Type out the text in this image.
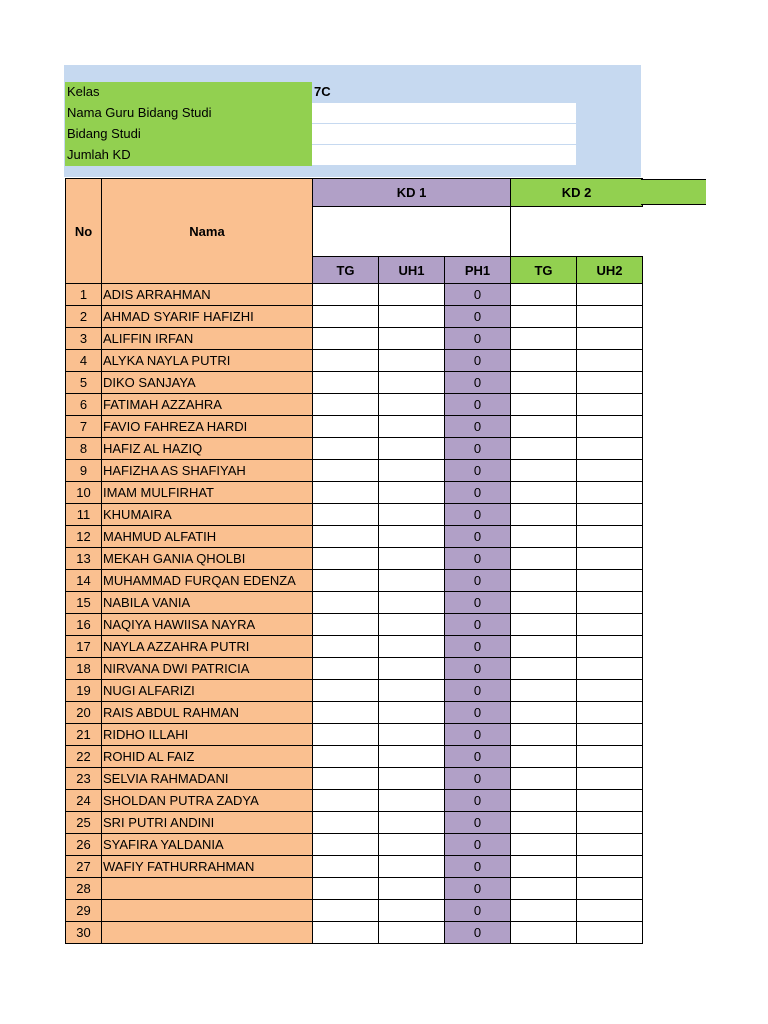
Kelas	7C
Nama Guru Bidang Studi	
Bidang Studi	
Jumlah KD	
No	Nama	KD 1			KD 2	

		TG	UH1	PH1	TG	UH2
1	ADIS ARRAHMAN			0		
2	AHMAD SYARIF HAFIZHI			0		
3	ALIFFIN IRFAN			0		
4	ALYKA NAYLA PUTRI			0		
5	DIKO SANJAYA			0		
6	FATIMAH AZZAHRA			0		
7	FAVIO FAHREZA HARDI			0		
8	HAFIZ AL HAZIQ			0		
9	HAFIZHA AS SHAFIYAH			0		
10	IMAM MULFIRHAT			0		
11	KHUMAIRA			0		
12	MAHMUD ALFATIH			0		
13	MEKAH GANIA QHOLBI			0		
14	MUHAMMAD FURQAN EDENZA			0		
15	NABILA VANIA			0		
16	NAQIYA HAWIISA NAYRA			0		
17	NAYLA AZZAHRA PUTRI			0		
18	NIRVANA DWI PATRICIA			0		
19	NUGI ALFARIZI			0		
20	RAIS ABDUL RAHMAN			0		
21	RIDHO ILLAHI			0		
22	ROHID AL FAIZ			0		
23	SELVIA RAHMADANI			0		
24	SHOLDAN PUTRA ZADYA			0		
25	SRI PUTRI ANDINI			0		
26	SYAFIRA YALDANIA			0		
27	WAFIY FATHURRAHMAN			0		
28				0		
29				0		
30				0		
